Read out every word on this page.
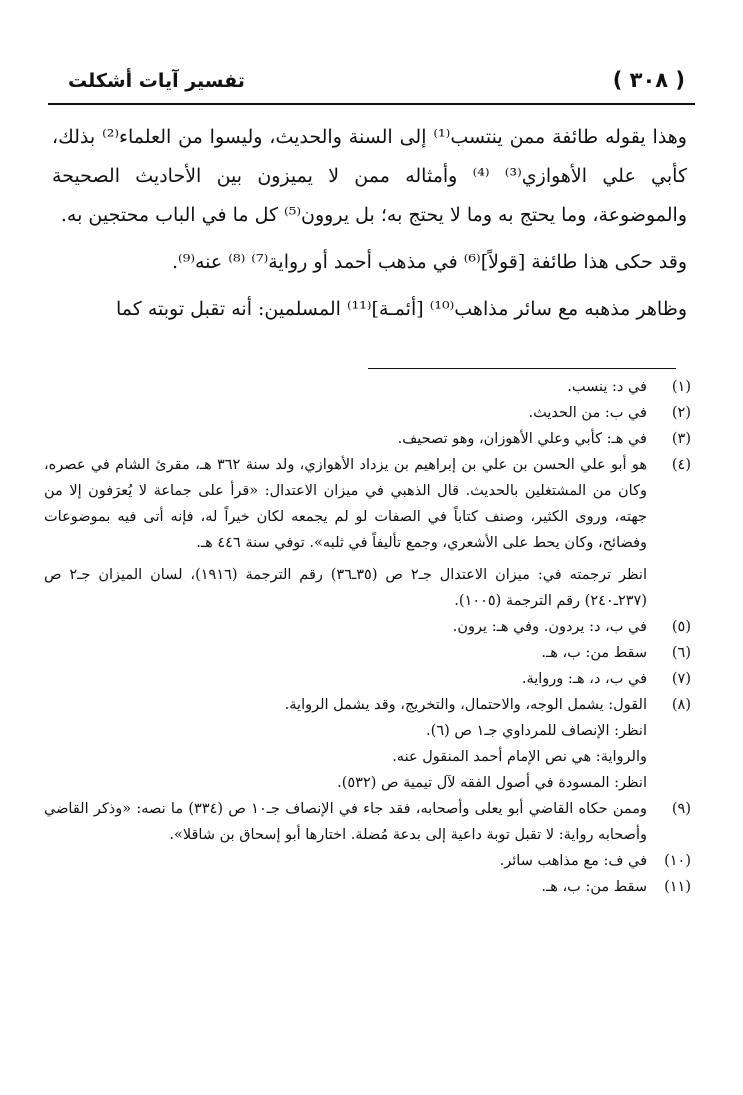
تفسير آيات أشكلت	( ٣٠٨ )

وهذا يقوله طائفة ممن ينتسب⁽¹⁾ إلى السنة والحديث، وليسوا من العلماء⁽²⁾ بذلك، كأبي علي الأهوازي⁽³⁾ ⁽⁴⁾ وأمثاله ممن لا يميزون بين الأحاديث الصحيحة والموضوعة، وما يحتج به وما لا يحتج به؛ بل يروون⁽⁵⁾ كل ما في الباب محتجين به.

وقد حكى هذا طائفة [قولاً]⁽⁶⁾ في مذهب أحمد أو رواية⁽⁷⁾ ⁽⁸⁾ عنه⁽⁹⁾.

وظاهر مذهبه مع سائر مذاهب⁽¹⁰⁾ [أئمـة]⁽¹¹⁾ المسلمين: أنه تقبل توبته كما

(١)
في د: ينسب.
(٢)
في ب: من الحديث.
(٣)
في هـ: كأبي وعلي الأهوزان، وهو تصحيف.
(٤)
هو أبو علي الحسن بن علي بن إبراهيم بن يزداد الأهوازي، ولد سنة ٣٦٢ هـ، مقرئ الشام في عصره، وكان من المشتغلين بالحديث. قال الذهبي في ميزان الاعتدال: «قرأ على جماعة لا يُعرَفون إلا من جهته، وروى الكثير، وصنف كتاباً في الصفات لو لم يجمعه لكان خيراً له، فإنه أتى فيه بموضوعات وفضائح، وكان يحط على الأشعري، وجمع تأليفاً في ثلبه». توفي سنة ٤٤٦ هـ.
انظر ترجمته في: ميزان الاعتدال جـ٢ ص (٣٥ـ٣٦) رقم الترجمة (١٩١٦)، لسان الميزان جـ٢ ص (٢٣٧ـ٢٤٠) رقم الترجمة (١٠٠٥).
(٥)
في ب، د: يردون. وفي هـ: يرون.
(٦)
سقط من: ب، هـ.
(٧)
في ب، د، هـ: ورواية.
(٨)
القول: يشمل الوجه، والاحتمال، والتخريج، وقد يشمل الرواية.
انظر: الإنصاف للمرداوي جـ١ ص (٦).
والرواية: هي نص الإمام أحمد المنقول عنه.
انظر: المسودة في أصول الفقه لآل تيمية ص (٥٣٢).
(٩)
وممن حكاه القاضي أبو يعلى وأصحابه، فقد جاء في الإنصاف جـ١٠ ص (٣٣٤) ما نصه: «وذكر القاضي وأصحابه رواية: لا تقبل توبة داعية إلى بدعة مُضلة. اختارها أبو إسحاق بن شاقلا».
(١٠)
في ف: مع مذاهب سائر.
(١١)
سقط من: ب، هـ.
